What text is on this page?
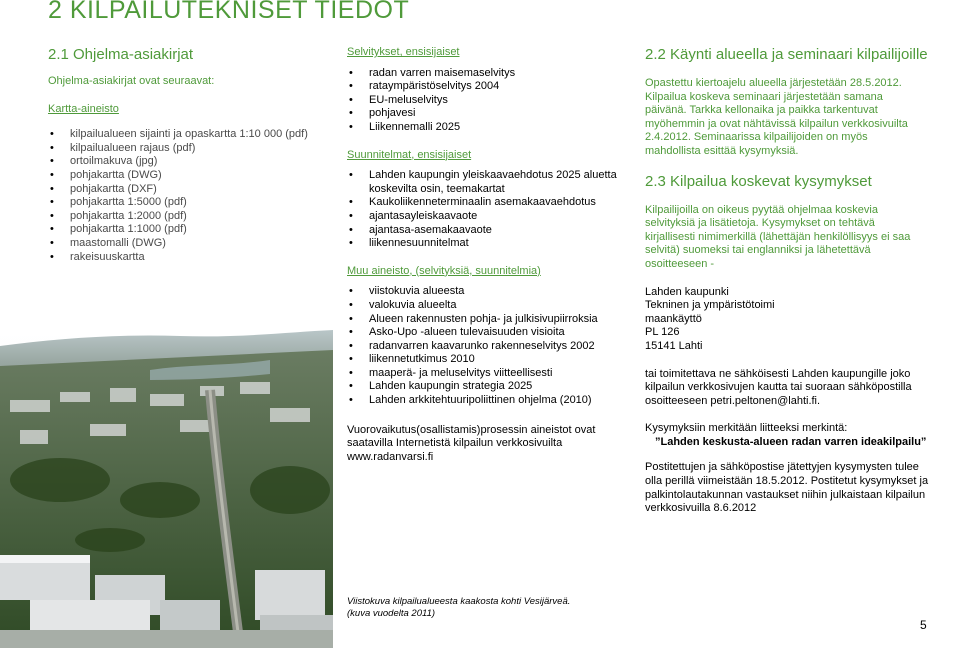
2 KILPAILUTEKNISET TIEDOT
2.1 Ohjelma-asiakirjat
Ohjelma-asiakirjat ovat seuraavat:
Kartta-aineisto
• kilpailualueen sijainti ja opaskartta 1:10 000 (pdf)
• kilpailualueen rajaus (pdf)
• ortoilmakuva (jpg)
• pohjakartta (DWG)
• pohjakartta (DXF)
• pohjakartta 1:5000 (pdf)
• pohjakartta 1:2000 (pdf)
• pohjakartta 1:1000 (pdf)
• maastomalli (DWG)
• rakeisuuskartta
Selvitykset, ensisijaiset
• radan varren maisemaselvitys
• rataympäristöselvitys 2004
• EU-meluselvitys
• pohjavesi
• Liikennemalli 2025
Suunnitelmat, ensisijaiset
• Lahden kaupungin yleiskaavaehdotus 2025 aluetta koskevilta osin, teemakartat
• Kaukoliikenneterminaalin asemakaavaehdotus
• ajantasayleiskaavaote
• ajantasa-asemakaavaote
• liikennesuunnitelmat
Muu aineisto, (selvityksiä, suunnitelmia)
• viistokuvia alueesta
• valokuvia alueelta
• Alueen rakennusten pohja- ja julkisivupiirroksia
• Asko-Upo -alueen tulevaisuuden visioita
• radanvarren kaavarunko rakenneselvitys 2002
• liikennetutkimus 2010
• maaperä- ja meluselvitys viitteellisesti
• Lahden kaupungin strategia 2025
• Lahden arkkitehtuuripoliittinen ohjelma (2010)
Vuorovaikutus(osallistamis)prosessin aineistot ovat saatavilla Internetistä kilpailun verkkosivuilta www.radanvarsi.fi
Viistokuva kilpailualueesta kaakosta kohti Vesijärveä.
(kuva vuodelta 2011)
2.2 Käynti alueella ja seminaari kilpailijoille
Opastettu kiertoajelu alueella järjestetään 28.5.2012. Kilpailua koskeva seminaari järjestetään samana päivänä. Tarkka kellonaika ja paikka tarkentuvat myöhemmin ja ovat nähtävissä kilpailun verkkosivuilta 2.4.2012. Seminaarissa kilpailijoiden on myös mahdollista esittää kysymyksiä.
2.3 Kilpailua koskevat kysymykset
Kilpailijoilla on oikeus pyytää ohjelmaa koskevia selvityksiä ja lisätietoja. Kysymykset on tehtävä kirjallisesti nimimerkillä (lähettäjän henkilöllisyys ei saa selvitä) suomeksi tai englanniksi ja lähetettävä osoitteeseen -
Lahden kaupunki
Tekninen ja ympäristötoimi
maankäyttö
PL 126
15141 Lahti
tai toimitettava ne sähköisesti Lahden kaupungille joko kilpailun verkkosivujen kautta tai suoraan sähköpostilla osoitteeseen petri.peltonen@lahti.fi.
Kysymyksiin merkitään liitteeksi merkintä:
”Lahden keskusta-alueen radan varren ideakilpailu”
Postitettujen ja sähköpostise jätettyjen kysymysten tulee olla perillä viimeistään 18.5.2012. Postitetut kysymykset ja palkintolautakunnan vastaukset niihin julkaistaan kilpailun verkkosivuilla 8.6.2012
5
